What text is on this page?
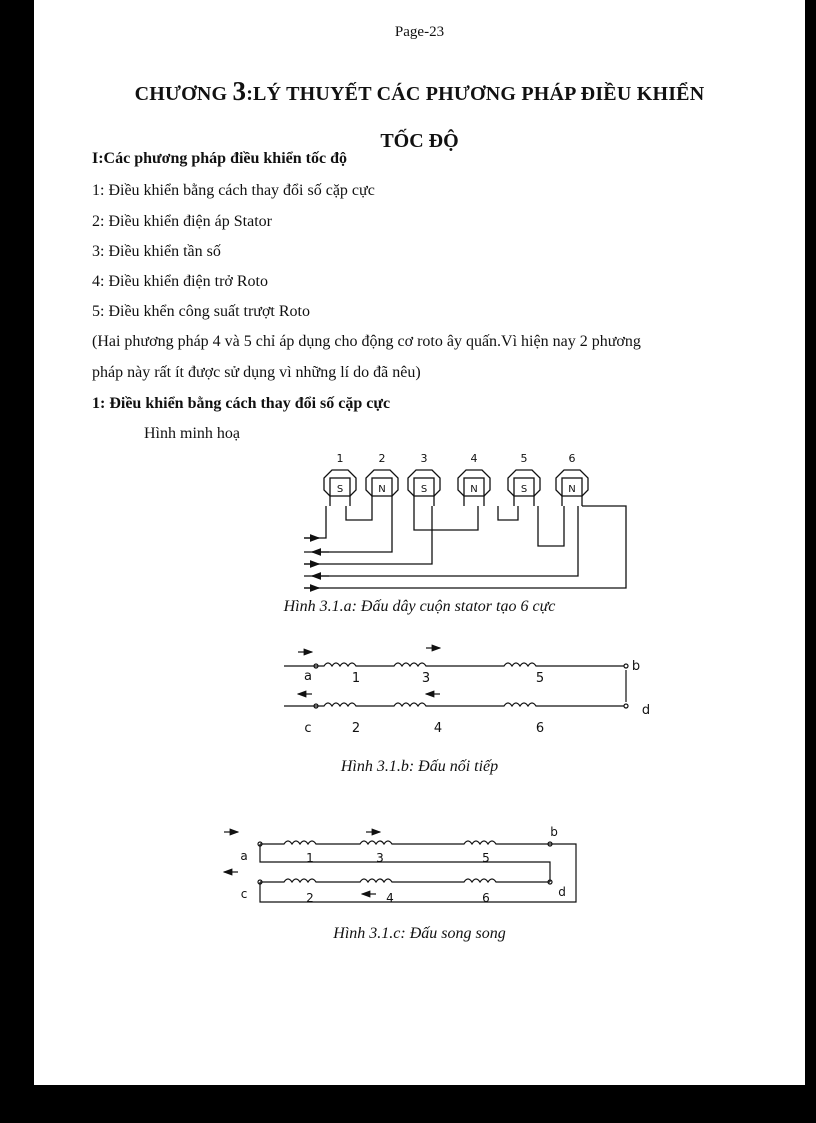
Page-23
CHƯƠNG 3:LÝ THUYẾT CÁC PHƯƠNG PHÁP ĐIỀU KHIỂN
TỐC ĐỘ
I:Các phương pháp điều khiển tốc độ
1: Điều khiển bằng cách thay đổi số cặp cực
2: Điều khiển điện áp Stator
3: Điều khiển tần số
4: Điều khiển điện trở Roto
5: Điều khển công suất trượt Roto
(Hai phương pháp 4 và 5 chỉ áp dụng cho động cơ roto ây quấn.Vì hiện nay 2 phương
pháp này rất ít được sử dụng vì những lí do đã nêu)
1: Điều khiển bằng cách thay đổi số cặp cực
Hình minh hoạ
1	2	3	4	5	6
S	N	S	N	S	N
Hình 3.1.a: Đấu dây cuộn stator tạo 6 cực
a
b
c
d
1	3	5
2	4	6
Hình 3.1.b: Đấu nối tiếp
a
b
c	d
1	3	5
2	4	6
Hình 3.1.c: Đấu song song
